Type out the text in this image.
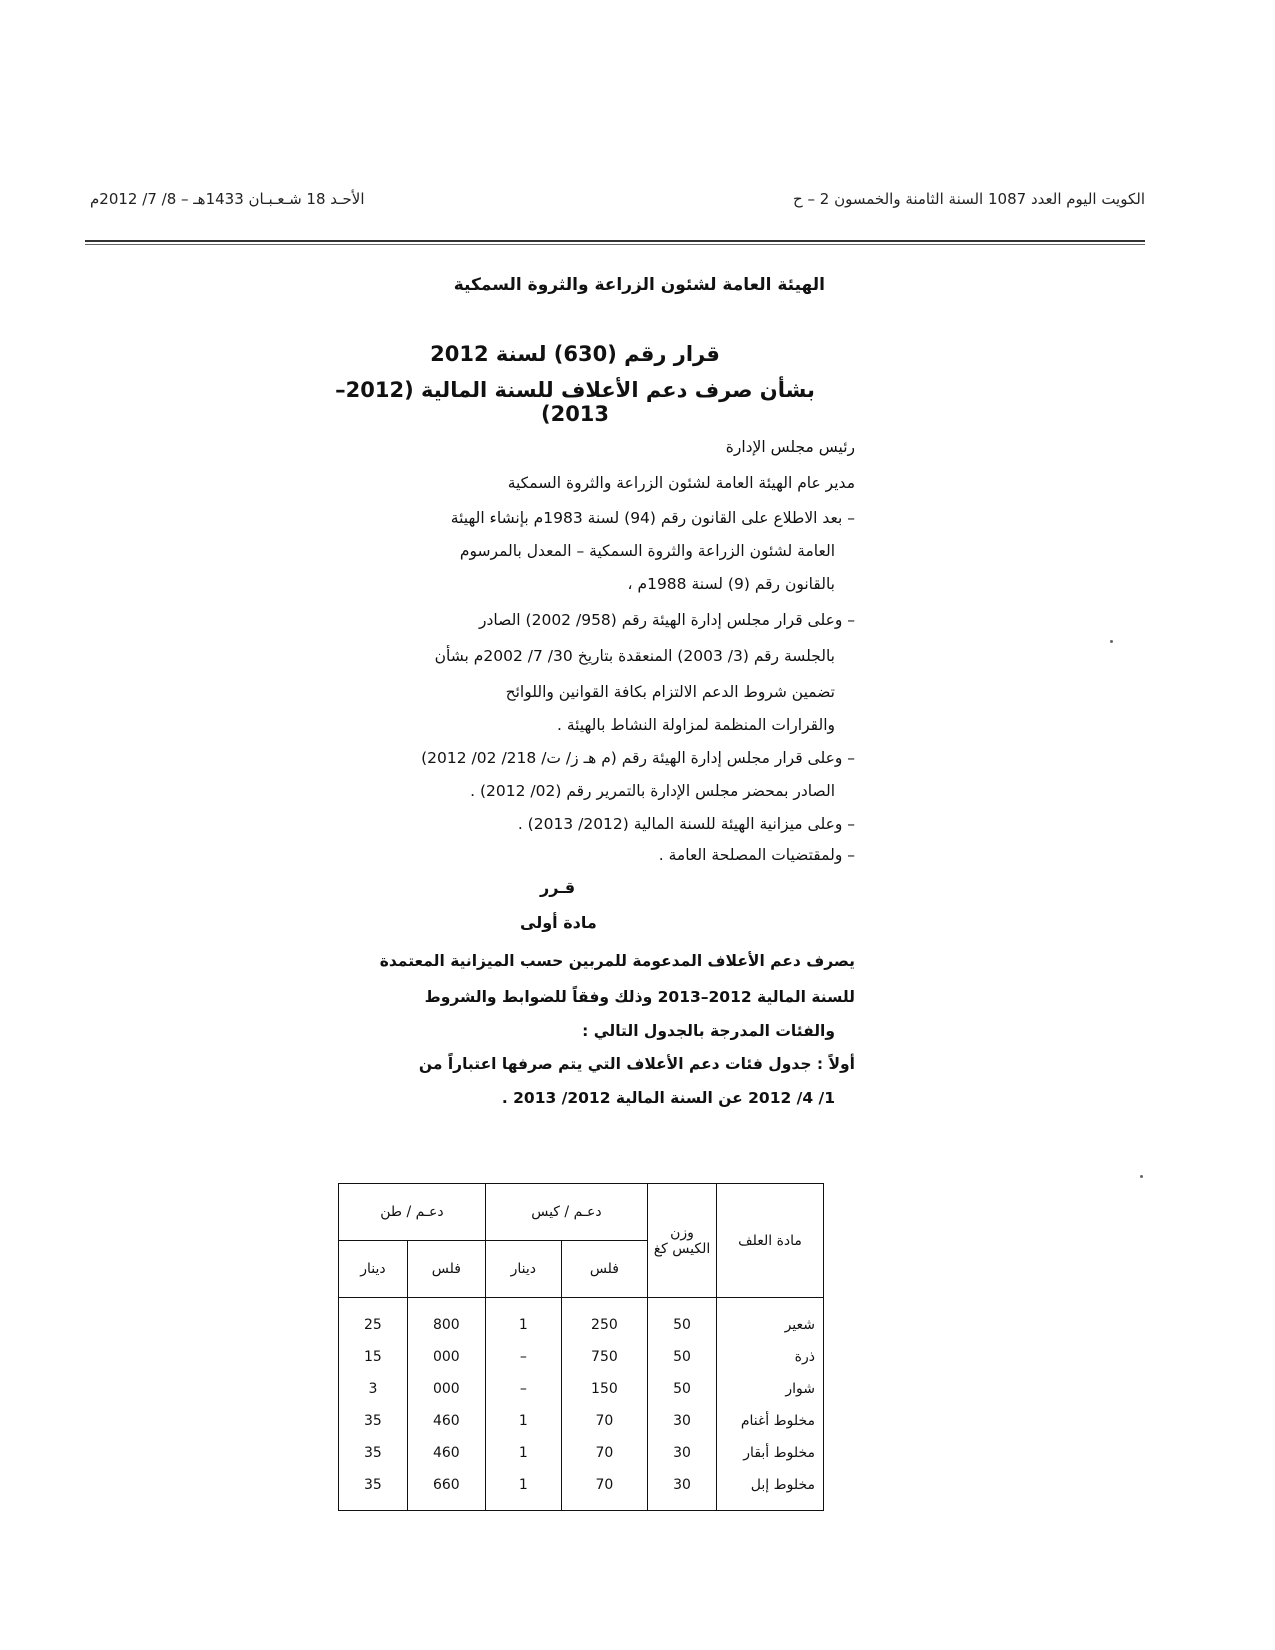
الكويت اليوم العدد 1087 السنة الثامنة والخمسون 2 – ح
الأحـد 18 شـعـبـان 1433هـ – 8/ 7/ 2012م
الهيئة العامة لشئون الزراعة والثروة السمكية
قرار رقم (630) لسنة 2012
بشأن صرف دعم الأعلاف للسنة المالية (2012–2013)
رئيس مجلس الإدارة
مدير عام الهيئة العامة لشئون الزراعة والثروة السمكية
– بعد الاطلاع على القانون رقم (94) لسنة 1983م بإنشاء الهيئة
العامة لشئون الزراعة والثروة السمكية – المعدل بالمرسوم
بالقانون رقم (9) لسنة 1988م ،
– وعلى قرار مجلس إدارة الهيئة رقم (958/ 2002) الصادر
بالجلسة رقم (3/ 2003) المنعقدة بتاريخ 30/ 7/ 2002م بشأن
تضمين شروط الدعم الالتزام بكافة القوانين واللوائح
والقرارات المنظمة لمزاولة النشاط بالهيئة .
– وعلى قرار مجلس إدارة الهيئة رقم (م هـ ز/ ت/ 218/ 02/ 2012)
الصادر بمحضر مجلس الإدارة بالتمرير رقم (02/ 2012) .
– وعلى ميزانية الهيئة للسنة المالية (2012/ 2013) .
– ولمقتضيات المصلحة العامة .
قـرر
مادة أولى
يصرف دعم الأعلاف المدعومة للمربين حسب الميزانية المعتمدة
للسنة المالية 2012–2013 وذلك وفقاً للضوابط والشروط
والفئات المدرجة بالجدول التالي :
أولاً : جدول فئات دعم الأعلاف التي يتم صرفها اعتباراً من
1/ 4/ 2012 عن السنة المالية 2012/ 2013 .
مادة العلف	وزن الكيس كغ	دعـم / كيس		دعـم / طن	
		فلس	دينار	فلس	دينار
شعير	50	250	1	800	25
ذرة	50	750	–	000	15
شوار	50	150	–	000	3
مخلوط أغنام	30	70	1	460	35
مخلوط أبقار	30	70	1	460	35
مخلوط إبل	30	70	1	660	35
